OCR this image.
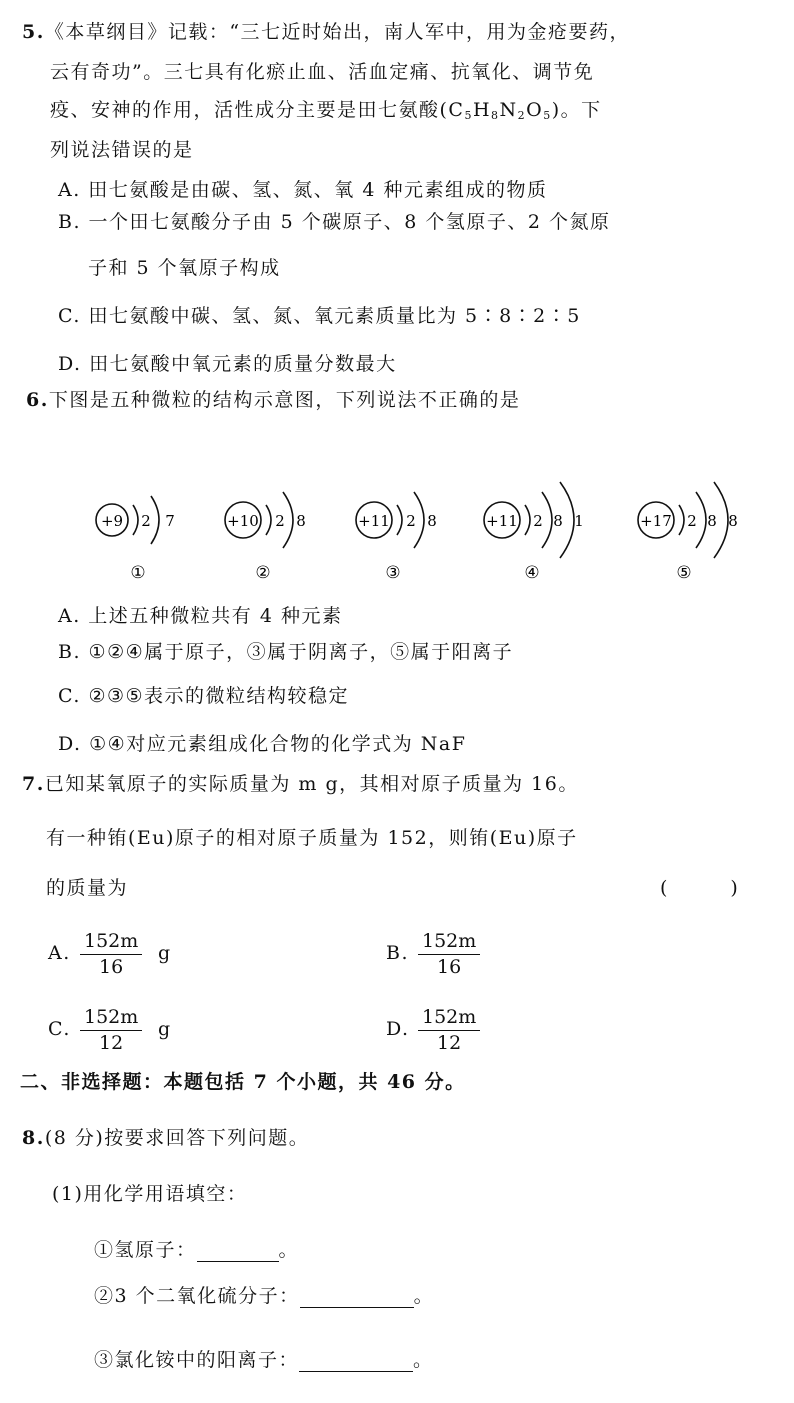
5.《本草纲目》记载：“三七近时始出，南人军中，用为金疮要药，
云有奇功”。三七具有化瘀止血、活血定痛、抗氧化、调节免
疫、安神的作用，活性成分主要是田七氨酸$(C_5H_8N_2O_5)$。下
列说法错误的是
A. 田七氨酸是由碳、氢、氮、氧 4 种元素组成的物质
B. 一个田七氨酸分子由 5 个碳原子、8 个氢原子、2 个氮原
子和 5 个氧原子构成
C. 田七氨酸中碳、氢、氮、氧元素质量比为 5∶8∶2∶5
D. 田七氨酸中氧元素的质量分数最大
6.下图是五种微粒的结构示意图，下列说法不正确的是
+9 2 7
①
+10 2 8
②
+11 2 8
③
+11 2 8 1
④
+17 2 8 8
⑤
A. 上述五种微粒共有 4 种元素
B. ①②④属于原子，③属于阴离子，⑤属于阳离子
C. ②③⑤表示的微粒结构较稳定
D. ①④对应元素组成化合物的化学式为 NaF
7.已知某氧原子的实际质量为 m g，其相对原子质量为 16。
有一种铕(Eu)原子的相对原子质量为 152，则铕(Eu)原子
的质量为	(　　　)
A. $\frac{152m}{16}$ g	B. $\frac{152m}{16}$
C. $\frac{152m}{12}$ g	D. $\frac{152m}{12}$
二、非选择题：本题包括 7 个小题，共 46 分。
8.(8 分)按要求回答下列问题。
(1)用化学用语填空：
①氢原子：	。
②3 个二氧化硫分子：	。
③氯化铵中的阳离子：	。
